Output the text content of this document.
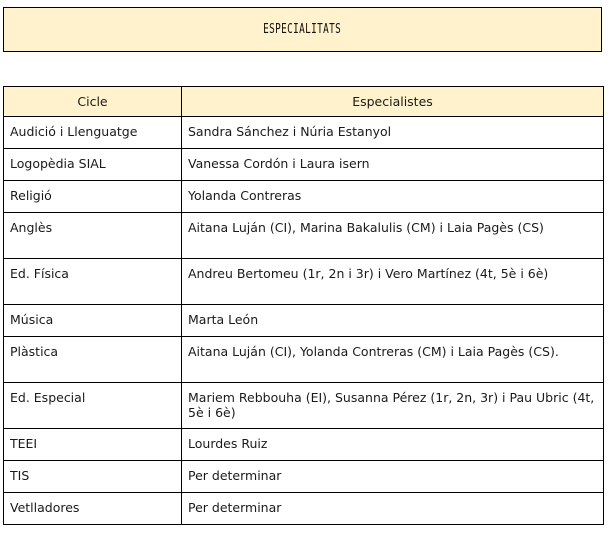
ESPECIALITATS
Cicle	Especialistes
Audició i Llenguatge	Sandra Sánchez i Núria Estanyol
Logopèdia SIAL	Vanessa Cordón i Laura isern
Religió	Yolanda Contreras
Anglès	Aitana Luján (CI), Marina Bakalulis (CM) i Laia Pagès (CS)
Ed. Física	Andreu Bertomeu (1r, 2n i 3r) i Vero Martínez (4t, 5è i 6è)
Música	Marta León
Plàstica	Aitana Luján (CI), Yolanda Contreras (CM) i Laia Pagès (CS).
Ed. Especial	Mariem Rebbouha (EI), Susanna Pérez (1r, 2n, 3r) i Pau Ubric (4t, 5è i 6è)
TEEI	Lourdes Ruiz
TIS	Per determinar
Vetlladores	Per determinar
